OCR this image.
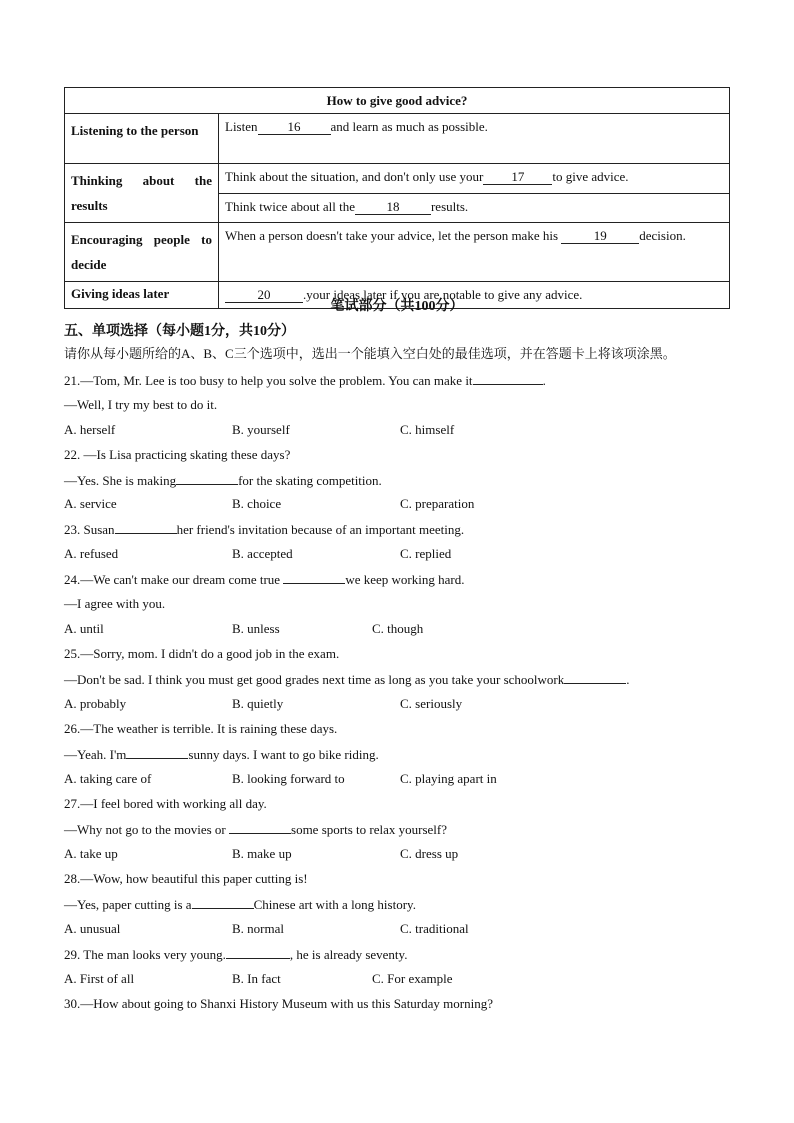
How to give good advice?	
Listening to the person	Listen 16 and learn as much as possible.
Thinking about the results	Think about the situation, and don't only use your 17 to give advice.
	Think twice about all the 18 results.
Encouraging people to decide	When a person doesn't take your advice, let the person make his 19 decision.
Giving ideas later	20 .your ideas later if you are notable to give any advice.
笔试部分（共100分）
五、单项选择（每小题1分，共10分）
请你从每小题所给的A、B、C三个选项中，选出一个能填入空白处的最佳选项，并在答题卡上将该项涂黑。
21.—Tom, Mr. Lee is too busy to help you solve the problem. You can make it	.
—Well, I try my best to do it.
A. herself	B. yourself	C. himself
22. —Is Lisa practicing skating these days?
—Yes. She is making	for the skating competition.
A. service	B. choice	C. preparation
23. Susan	her friend's invitation because of an important meeting.
A. refused	B. accepted	C. replied
24.—We can't make our dream come true	we keep working hard.
—I agree with you.
A. until	B. unless	C. though
25.—Sorry, mom. I didn't do a good job in the exam.
—Don't be sad. I think you must get good grades next time as long as you take your schoolwork	.
A. probably	B. quietly	C. seriously
26.—The weather is terrible. It is raining these days.
—Yeah. I'm	sunny days. I want to go bike riding.
A. taking care of	B. looking forward to	C. playing apart in
27.—I feel bored with working all day.
—Why not go to the movies or	some sports to relax yourself?
A. take up	B. make up	C. dress up
28.—Wow, how beautiful this paper cutting is!
—Yes, paper cutting is a	Chinese art with a long history.
A. unusual	B. normal	C. traditional
29. The man looks very young.	, he is already seventy.
A. First of all	B. In fact	C. For example
30.—How about going to Shanxi History Museum with us this Saturday morning?
